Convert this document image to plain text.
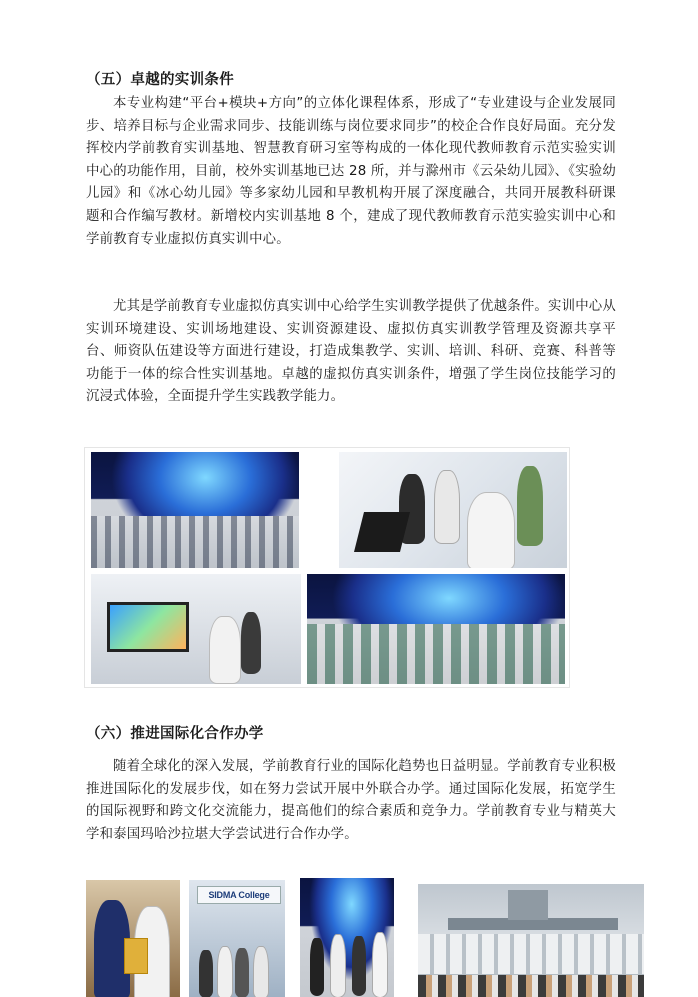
（五）卓越的实训条件

本专业构建“平台+模块+方向”的立体化课程体系，形成了“专业建设与企业发展同步、培养目标与企业需求同步、技能训练与岗位要求同步”的校企合作良好局面。充分发挥校内学前教育实训基地、智慧教育研习室等构成的一体化现代教师教育示范实验实训中心的功能作用，目前，校外实训基地已达 28 所，并与滁州市《云朵幼儿园》、《实验幼儿园》和《冰心幼儿园》等多家幼儿园和早教机构开展了深度融合，共同开展教科研课题和合作编写教材。新增校内实训基地 8 个，建成了现代教师教育示范实验实训中心和学前教育专业虚拟仿真实训中心。

尤其是学前教育专业虚拟仿真实训中心给学生实训教学提供了优越条件。实训中心从实训环境建设、实训场地建设、实训资源建设、虚拟仿真实训教学管理及资源共享平台、师资队伍建设等方面进行建设，打造成集教学、实训、培训、科研、竞赛、科普等功能于一体的综合性实训基地。卓越的虚拟仿真实训条件，增强了学生岗位技能学习的沉浸式体验，全面提升学生实践教学能力。

（六）推进国际化合作办学

随着全球化的深入发展，学前教育行业的国际化趋势也日益明显。学前教育专业积极推进国际化的发展步伐，如在努力尝试开展中外联合办学。通过国际化发展，拓宽学生的国际视野和跨文化交流能力，提高他们的综合素质和竞争力。学前教育专业与精英大学和泰国玛哈沙拉堪大学尝试进行合作办学。

SIDMA College
